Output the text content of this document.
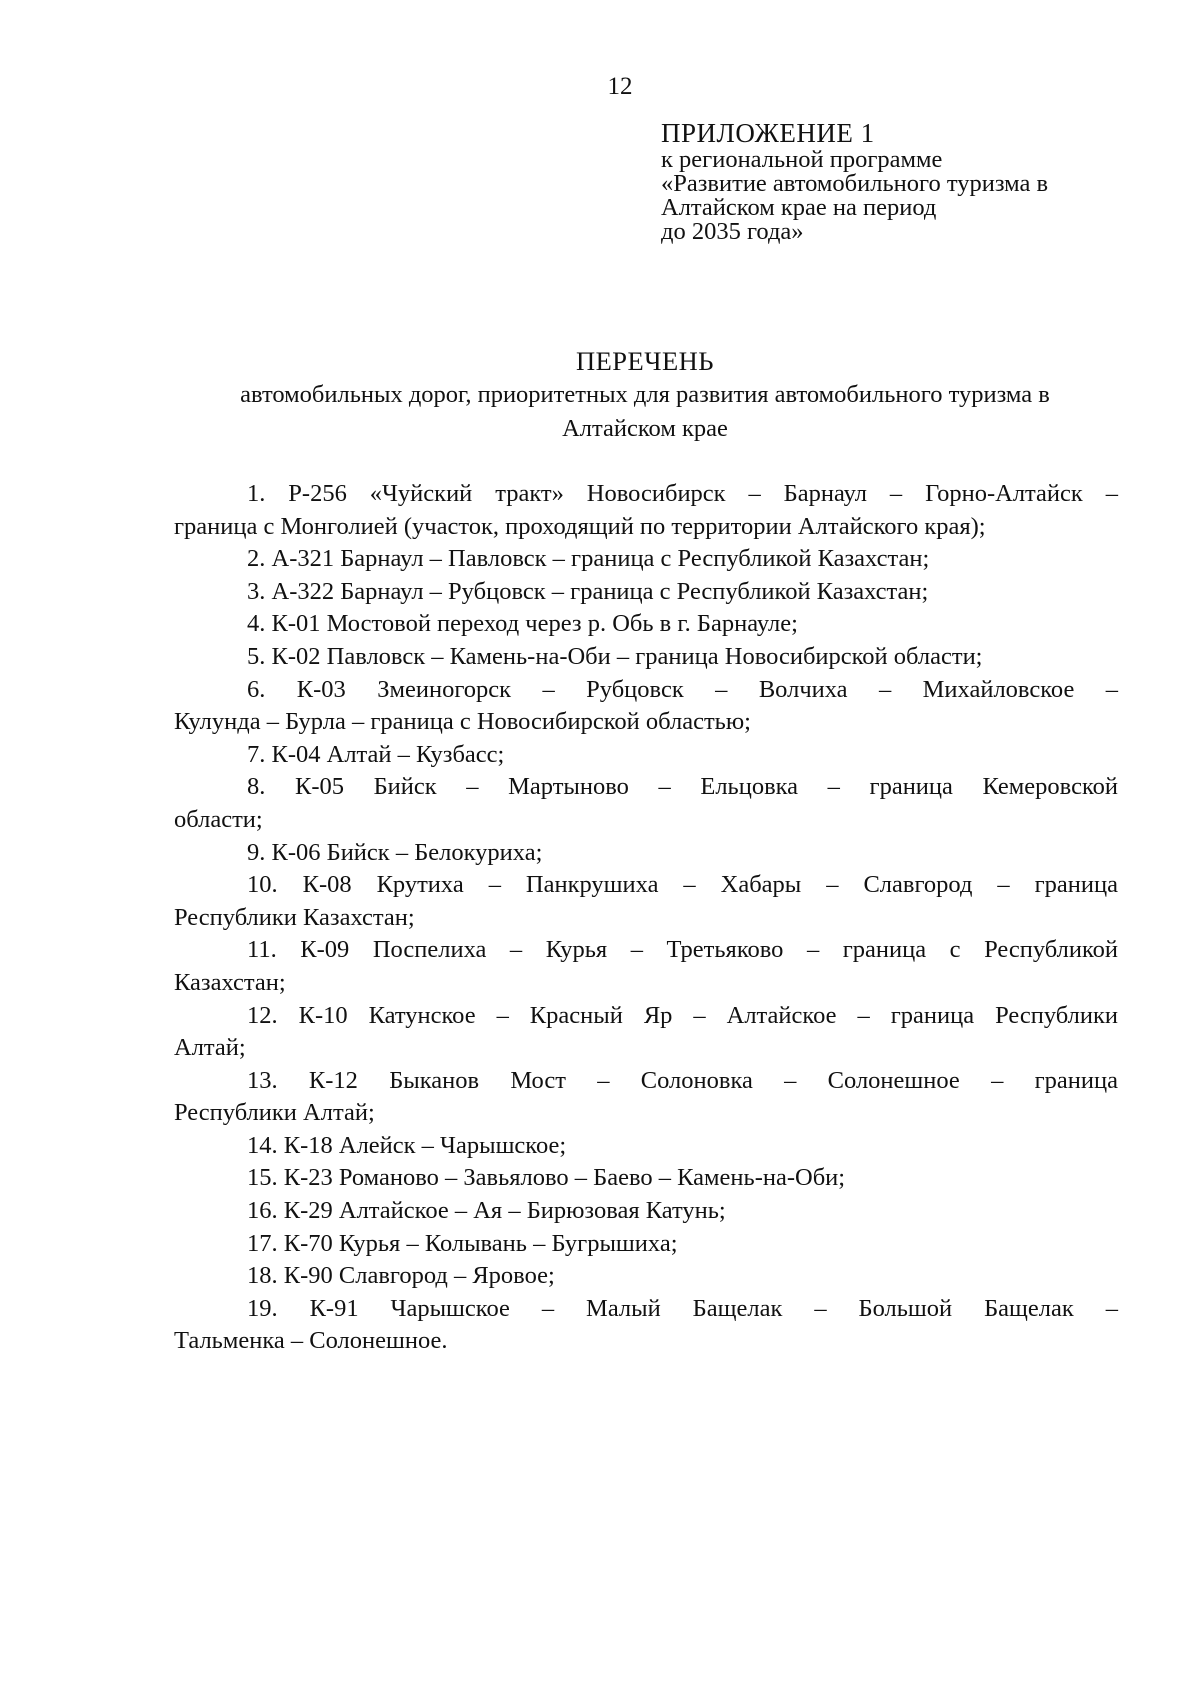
12
ПРИЛОЖЕНИЕ 1
к региональной программе
«Развитие автомобильного туризма в
Алтайском крае на период
до 2035 года»
ПЕРЕЧЕНЬ
автомобильных дорог, приоритетных для развития автомобильного туризма в
Алтайском крае
1. Р-256 «Чуйский тракт» Новосибирск – Барнаул – Горно-Алтайск –
граница с Монголией (участок, проходящий по территории Алтайского края);
2. А-321 Барнаул – Павловск – граница с Республикой Казахстан;
3. А-322 Барнаул – Рубцовск – граница с Республикой Казахстан;
4. К-01 Мостовой переход через р. Обь в г. Барнауле;
5. К-02 Павловск – Камень-на-Оби – граница Новосибирской области;
6. К-03 Змеиногорск – Рубцовск – Волчиха – Михайловское –
Кулунда – Бурла – граница с Новосибирской областью;
7. К-04 Алтай – Кузбасс;
8. К-05 Бийск – Мартыново – Ельцовка – граница Кемеровской
области;
9. К-06 Бийск – Белокуриха;
10. К-08 Крутиха – Панкрушиха – Хабары – Славгород – граница
Республики Казахстан;
11. К-09 Поспелиха – Курья – Третьяково – граница с Республикой
Казахстан;
12. К-10 Катунское – Красный Яр – Алтайское – граница Республики
Алтай;
13. К-12 Быканов Мост – Солоновка – Солонешное – граница
Республики Алтай;
14. К-18 Алейск – Чарышское;
15. К-23 Романово – Завьялово – Баево – Камень-на-Оби;
16. К-29 Алтайское – Ая – Бирюзовая Катунь;
17. К-70 Курья – Колывань – Бугрышиха;
18. К-90 Славгород – Яровое;
19. К-91 Чарышское – Малый Бащелак – Большой Бащелак –
Тальменка – Солонешное.
